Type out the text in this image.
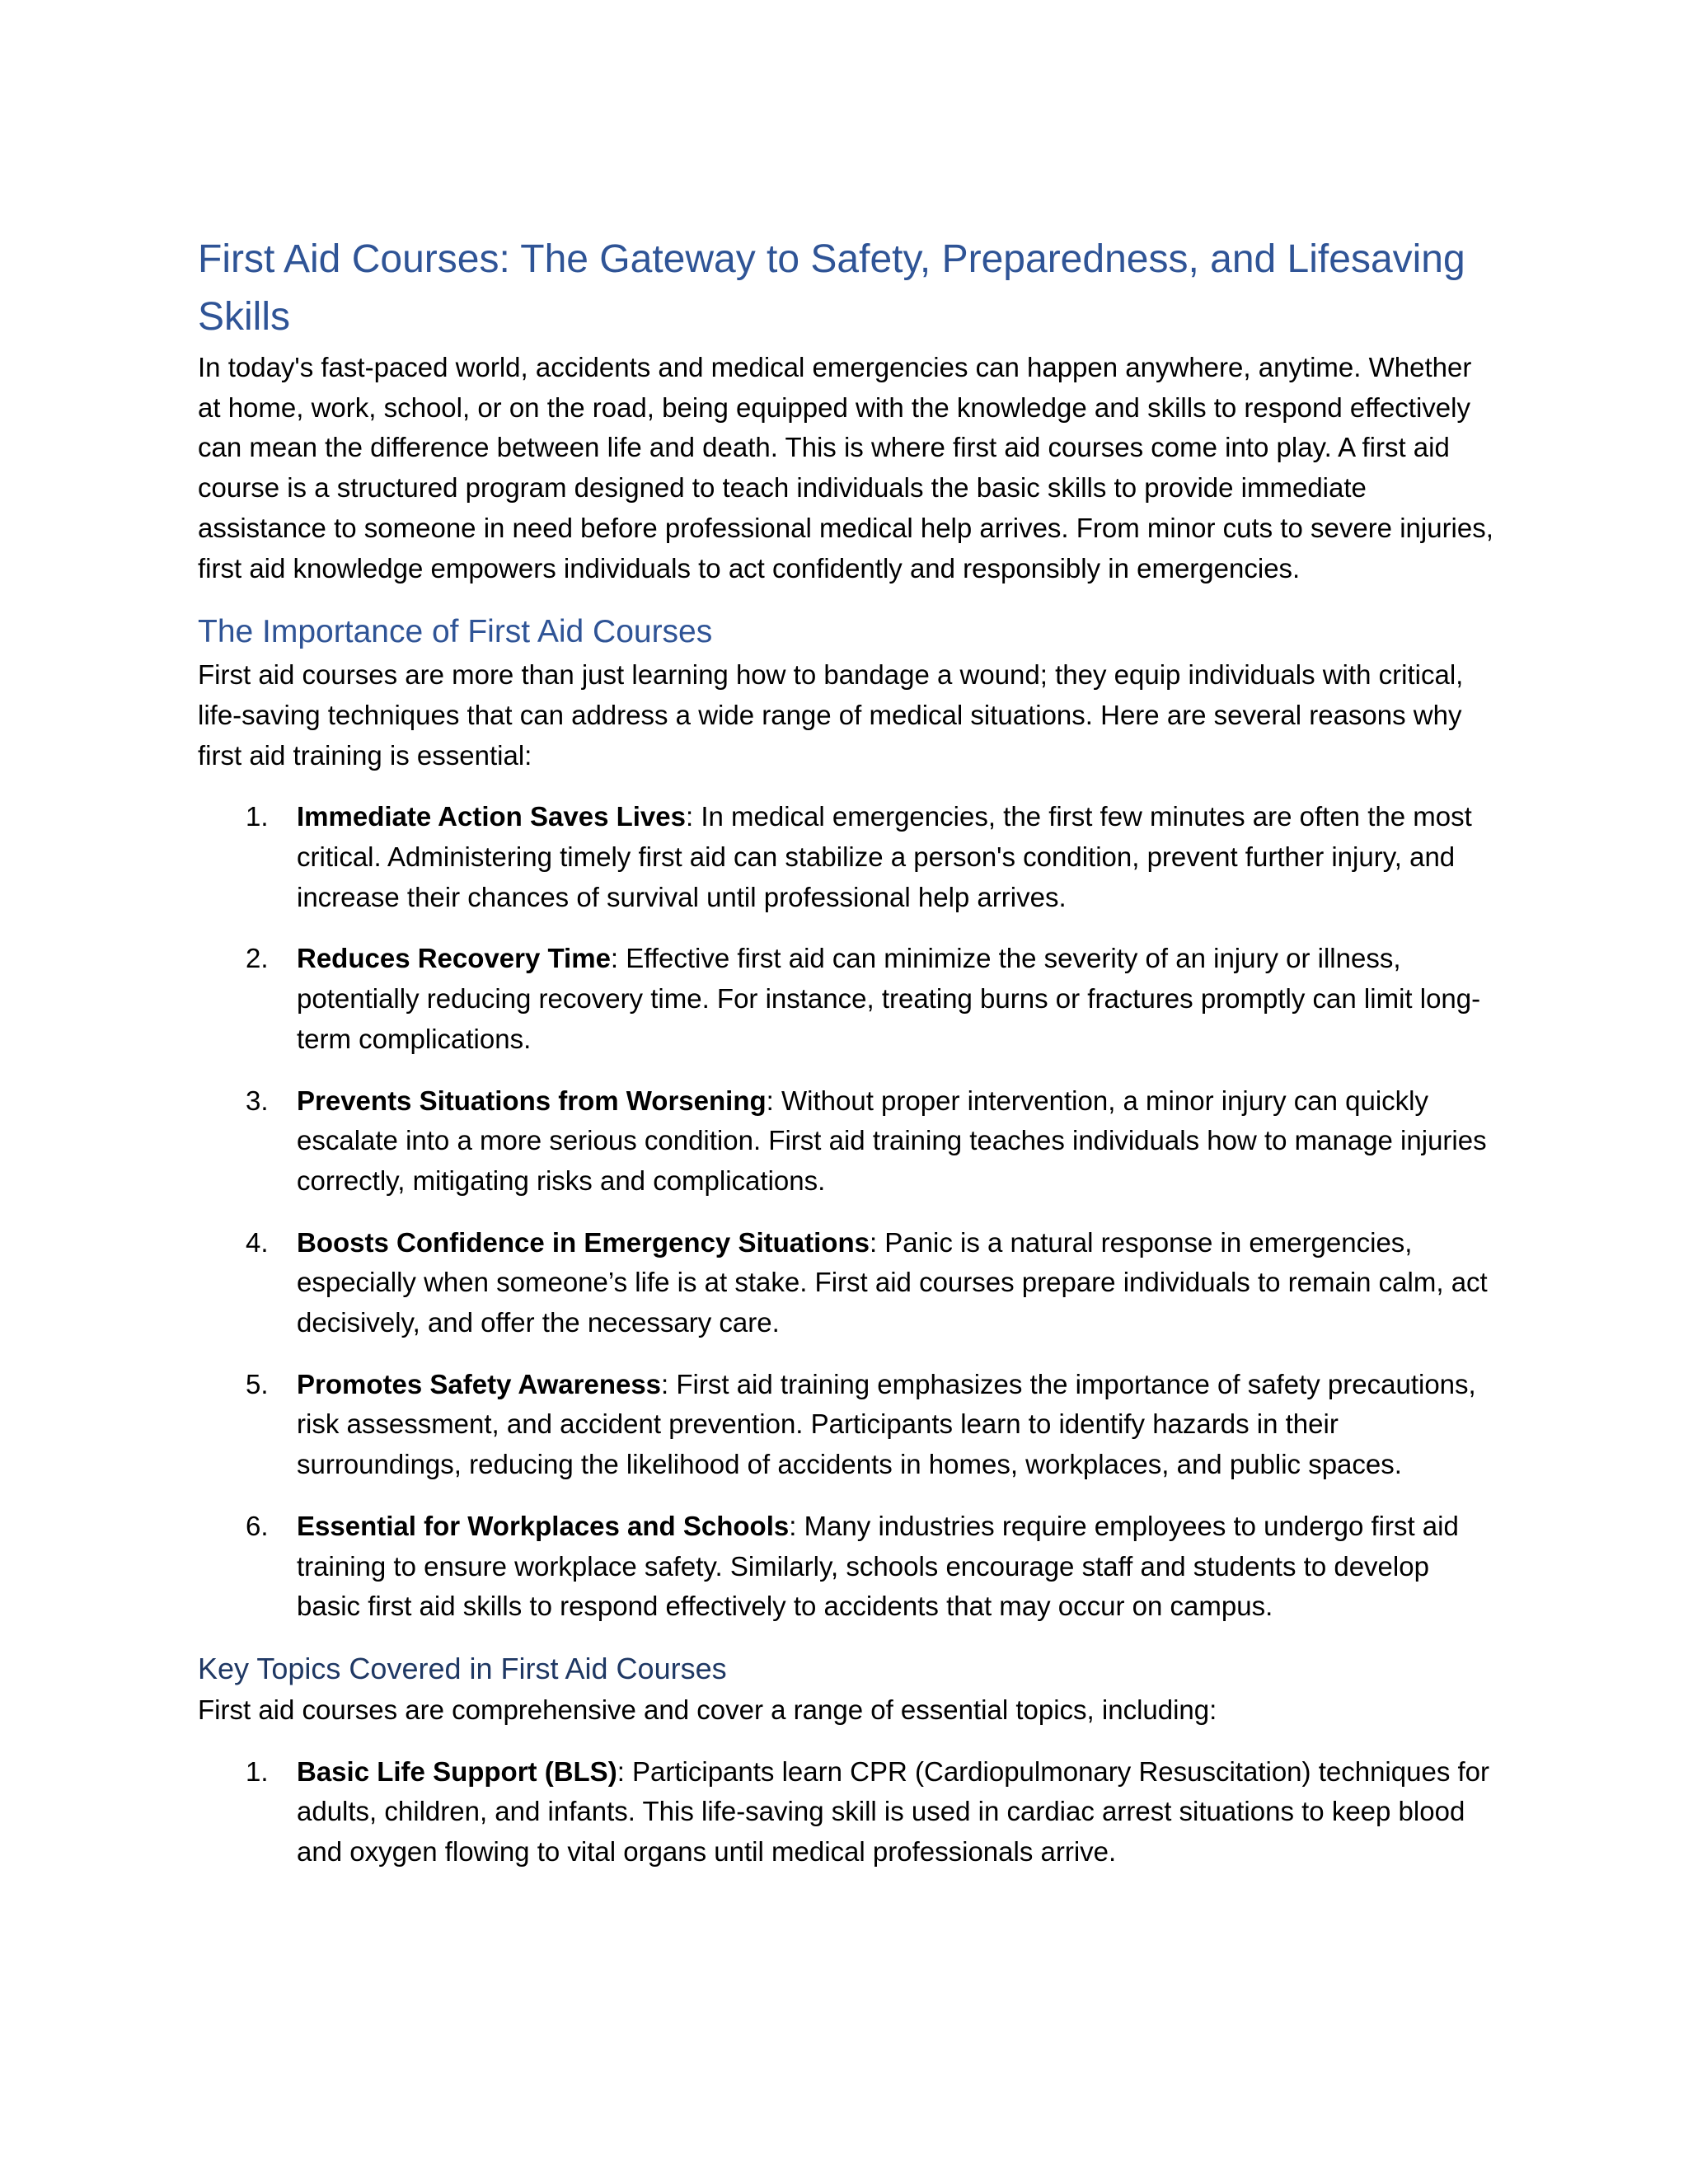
First Aid Courses: The Gateway to Safety, Preparedness, and Lifesaving Skills

In today's fast-paced world, accidents and medical emergencies can happen anywhere, anytime. Whether at home, work, school, or on the road, being equipped with the knowledge and skills to respond effectively can mean the difference between life and death. This is where first aid courses come into play. A first aid course is a structured program designed to teach individuals the basic skills to provide immediate assistance to someone in need before professional medical help arrives. From minor cuts to severe injuries, first aid knowledge empowers individuals to act confidently and responsibly in emergencies.

The Importance of First Aid Courses

First aid courses are more than just learning how to bandage a wound; they equip individuals with critical, life-saving techniques that can address a wide range of medical situations. Here are several reasons why first aid training is essential:

1. Immediate Action Saves Lives: In medical emergencies, the first few minutes are often the most critical. Administering timely first aid can stabilize a person's condition, prevent further injury, and increase their chances of survival until professional help arrives.
2. Reduces Recovery Time: Effective first aid can minimize the severity of an injury or illness, potentially reducing recovery time. For instance, treating burns or fractures promptly can limit long-term complications.
3. Prevents Situations from Worsening: Without proper intervention, a minor injury can quickly escalate into a more serious condition. First aid training teaches individuals how to manage injuries correctly, mitigating risks and complications.
4. Boosts Confidence in Emergency Situations: Panic is a natural response in emergencies, especially when someone’s life is at stake. First aid courses prepare individuals to remain calm, act decisively, and offer the necessary care.
5. Promotes Safety Awareness: First aid training emphasizes the importance of safety precautions, risk assessment, and accident prevention. Participants learn to identify hazards in their surroundings, reducing the likelihood of accidents in homes, workplaces, and public spaces.
6. Essential for Workplaces and Schools: Many industries require employees to undergo first aid training to ensure workplace safety. Similarly, schools encourage staff and students to develop basic first aid skills to respond effectively to accidents that may occur on campus.
Key Topics Covered in First Aid Courses

First aid courses are comprehensive and cover a range of essential topics, including:

1. Basic Life Support (BLS): Participants learn CPR (Cardiopulmonary Resuscitation) techniques for adults, children, and infants. This life-saving skill is used in cardiac arrest situations to keep blood and oxygen flowing to vital organs until medical professionals arrive.
